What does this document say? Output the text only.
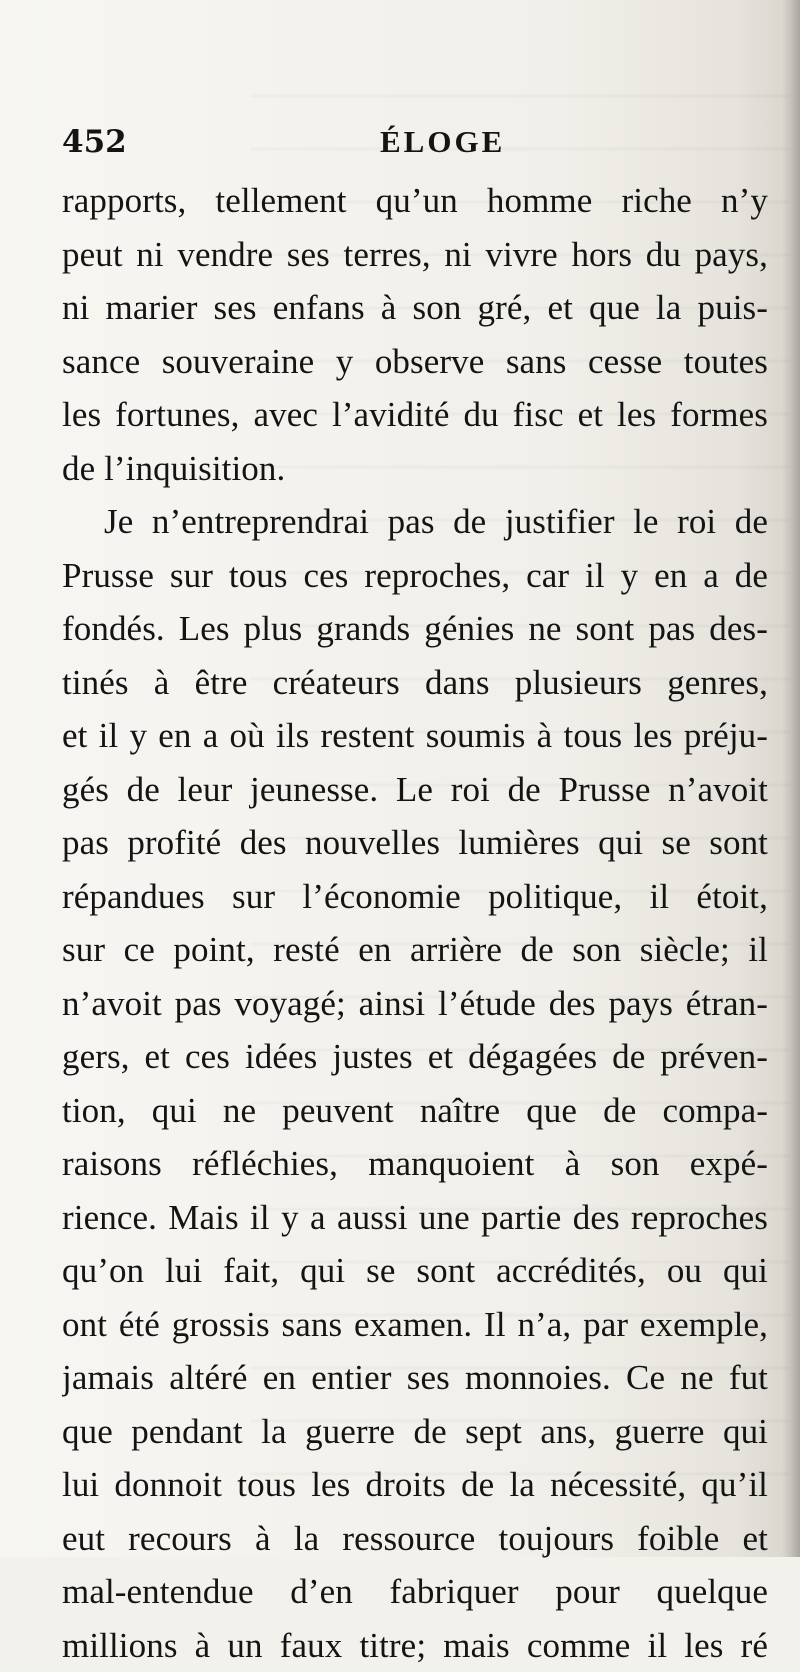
452	ÉLOGE
rapports, tellement qu’un homme riche n’y
peut ni vendre ses terres, ni vivre hors du pays,
ni marier ses enfans à son gré, et que la puis-
sance souveraine y observe sans cesse toutes
les fortunes, avec l’avidité du fisc et les formes
de l’inquisition.
Je n’entreprendrai pas de justifier le roi de
Prusse sur tous ces reproches, car il y en a de
fondés. Les plus grands génies ne sont pas des-
tinés à être créateurs dans plusieurs genres,
et il y en a où ils restent soumis à tous les préju-
gés de leur jeunesse. Le roi de Prusse n’avoit
pas profité des nouvelles lumières qui se sont
répandues sur l’économie politique, il étoit,
sur ce point, resté en arrière de son siècle; il
n’avoit pas voyagé; ainsi l’étude des pays étran-
gers, et ces idées justes et dégagées de préven-
tion, qui ne peuvent naître que de compa-
raisons réfléchies, manquoient à son expé-
rience. Mais il y a aussi une partie des reproches
qu’on lui fait, qui se sont accrédités, ou qui
ont été grossis sans examen. Il n’a, par exemple,
jamais altéré en entier ses monnoies. Ce ne fut
que pendant la guerre de sept ans, guerre qui
lui donnoit tous les droits de la nécessité, qu’il
eut recours à la ressource toujours foible et
mal-entendue d’en fabriquer pour quelque
millions à un faux titre; mais comme il les ré
